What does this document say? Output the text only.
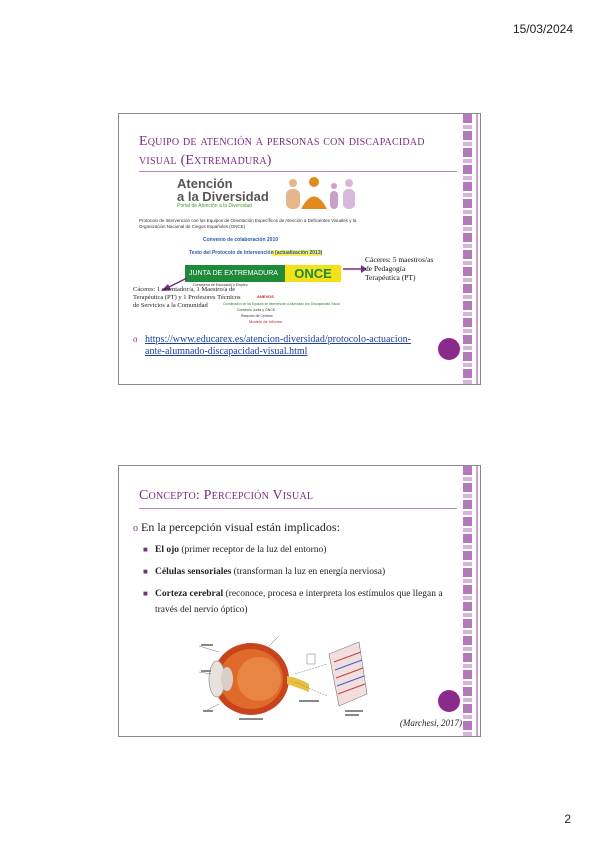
15/03/2024
Equipo de atención a personas con discapacidad visual (Extremadura)
Atención
a la Diversidad
Portal de Atención a la Diversidad
Protocolo de Intervención con los Equipos de Orientación Específicos de Atención a Deficientes Visuales y la Organización Nacional de Ciegos Españoles (ONCE)
Convenio de colaboración 2010
Texto del Protocolo de Intervención (actualización 2013)
JUNTA DE EXTREMADURA
Consejería de Educación y Empleo
ONCE
Cáceres: 5 maestros/as de Pedagogía Terapéutica (PT)
Cáceres: 1 orientador/a, 1 Maestro/a de Terapéutica (PT) y 1 Profesores Técnicos de Servicios a la Comunidad
ANEXOS
Coordinación de los Equipos de Intervención a Alumnado con Discapacidad Visual
Convenio Junta y ONCE
Relación de Centros
Modelo de Informe
o https://www.educarex.es/atencion-diversidad/protocolo-actuacion-ante-alumnado-discapacidad-visual.html
Concepto: Percepción Visual
o En la percepción visual están implicados:
■ El ojo (primer receptor de la luz del entorno)
■ Células sensoriales (transforman la luz en energía nerviosa)
■ Corteza cerebral (reconoce, procesa e interpreta los estímulos que llegan a través del nervio óptico)
(Marchesi, 2017)
2
